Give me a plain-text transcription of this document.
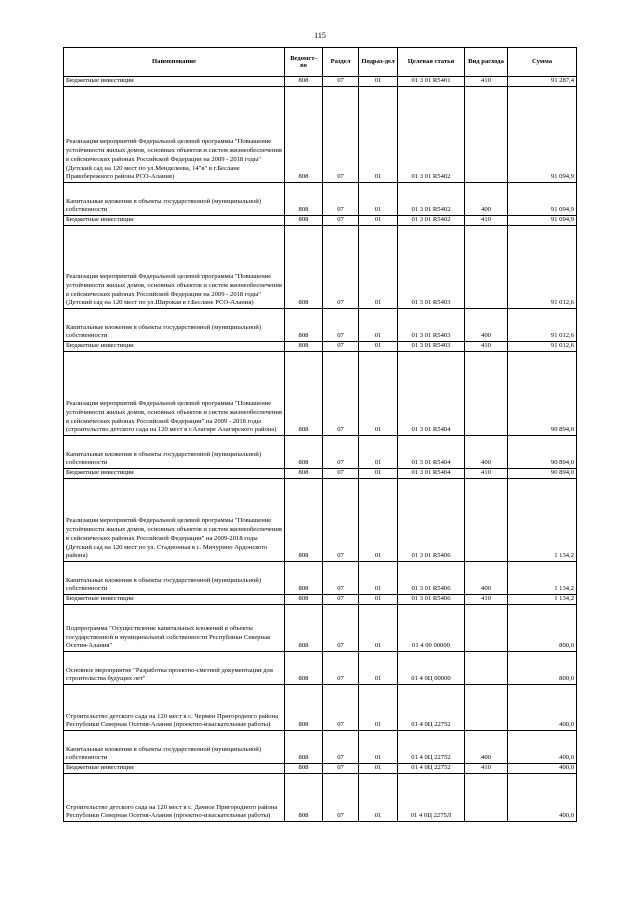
115
Наименование	Ведомст-во	Раздел	Подраз-дел	Целевая статья	Вид расхода	Сумма
Бюджетные инвестиции	808	07	01	01 3 01 R5401	410	91 287,4
Реализация мероприятий Федеральной целевой программы "Повышение устойчивости жилых домов, основных объектов и систем жизнеобеспечения в сейсмических районах Российской Федерации на 2009 - 2018 годы" (Детский сад на 120 мест по ул.Менделеева, 14"в" в г.Беслане Правобережного района РСО-Алания)	808	07	01	01 3 01 R5402		91 094,9
Капитальные вложения в объекты государственной (муниципальной) собственности	808	07	01	01 3 01 R5402	400	91 094,9
Бюджетные инвестиции	808	07	01	01 3 01 R5402	410	91 094,9
Реализация мероприятий Федеральной целевой программы "Повышение устойчивости жилых домов, основных объектов и систем жизнеобеспечения в сейсмических районах Российской Федерации на 2009 - 2018 годы" (Детский сад на 120 мест по ул.Широкая в г.Беслане РСО-Алания)	808	07	01	01 3 01 R5403		91 012,6
Капитальные вложения в объекты государственной (муниципальной) собственности	808	07	01	01 3 01 R5403	400	91 012,6
Бюджетные инвестиции	808	07	01	01 3 01 R5403	410	91 012,6
Реализация мероприятий Федеральной целевой программы "Повышение устойчивости жилых домов, основных объектов и систем жизнеобеспечения в сейсмических районах Российской Федерации" на 2009 - 2018 годы (строительство детского сада на 120 мест в г.Алагире Алагирского района)	808	07	01	01 3 01 R5404		90 894,0
Капитальные вложения в объекты государственной (муниципальной) собственности	808	07	01	01 3 01 R5404	400	90 894,0
Бюджетные инвестиции	808	07	01	01 3 01 R5404	410	90 894,0
Реализация мероприятий Федеральной целевой программы "Повышение устойчивости жилых домов, основных объектов и систем жизнеобеспечения в сейсмических районах Российской Федерации" на 2009-2018 годы (Детский сад на 120 мест по ул. Стадионная в с. Мичурино Ардонского района)	808	07	01	01 3 01 R5406		1 134,2
Капитальные вложения в объекты государственной (муниципальной) собственности	808	07	01	01 3 01 R5406	400	1 134,2
Бюджетные инвестиции	808	07	01	01 3 01 R5406	410	1 134,2
Подпрограмма "Осуществление капитальных вложений в объекты государственной и муниципальной собственности Республики Северная Осетия-Алания"	808	07	01	01 4 00 00000		800,0
Основное мероприятие "Разработка проектно-сметной документации для строительства будущих лет"	808	07	01	01 4 0Ц 00000		800,0
Строительство детского сада на 120 мест в с. Чермен Пригородного района Республики Северная Осетия-Алания (проектно-изыскательные работы)	808	07	01	01 4 0Ц 22752		400,0
Капитальные вложения в объекты государственной (муниципальной) собственности	808	07	01	01 4 0Ц 22752	400	400,0
Бюджетные инвестиции	808	07	01	01 4 0Ц 22752	410	400,0
Строительство детского сада на 120 мест в с. Дачное Пригородного района Республики Северная Осетия-Алания (проектно-изыскательные работы)	808	07	01	01 4 0Ц 2275Л		400,0
